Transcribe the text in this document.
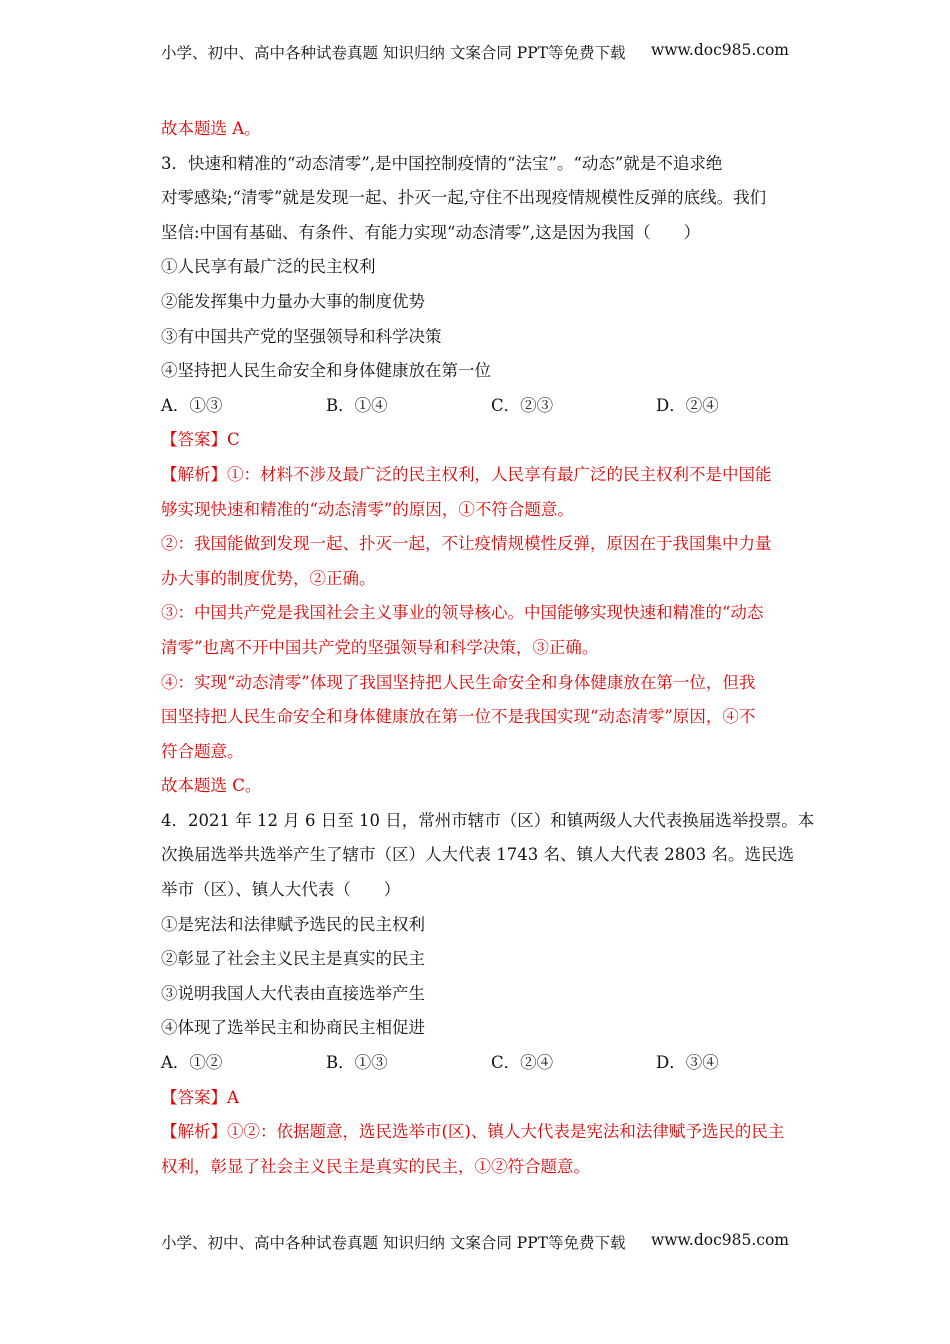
小学、初中、高中各种试卷真题 知识归纳 文案合同 PPT等免费下载 www.doc985.com
故本题选 A。
3．快速和精准的“动态清零”,是中国控制疫情的“法宝”。“动态”就是不追求绝
对零感染;“清零”就是发现一起、扑灭一起,守住不出现疫情规模性反弹的底线。我们
坚信:中国有基础、有条件、有能力实现“动态清零”,这是因为我国（　　）
①人民享有最广泛的民主权利
②能发挥集中力量办大事的制度优势
③有中国共产党的坚强领导和科学决策
④坚持把人民生命安全和身体健康放在第一位
A．①③	B．①④	C．②③	D．②④
【答案】C
【解析】①：材料不涉及最广泛的民主权利，人民享有最广泛的民主权利不是中国能
够实现快速和精准的“动态清零”的原因，①不符合题意。
②：我国能做到发现一起、扑灭一起，不让疫情规模性反弹，原因在于我国集中力量
办大事的制度优势，②正确。
③：中国共产党是我国社会主义事业的领导核心。中国能够实现快速和精准的“动态
清零”也离不开中国共产党的坚强领导和科学决策，③正确。
④：实现“动态清零”体现了我国坚持把人民生命安全和身体健康放在第一位，但我
国坚持把人民生命安全和身体健康放在第一位不是我国实现“动态清零”原因，④不
符合题意。
故本题选 C。
4．2021 年 12 月 6 日至 10 日，常州市辖市（区）和镇两级人大代表换届选举投票。本
次换届选举共选举产生了辖市（区）人大代表 1743 名、镇人大代表 2803 名。选民选
举市（区）、镇人大代表（　　）
①是宪法和法律赋予选民的民主权利
②彰显了社会主义民主是真实的民主
③说明我国人大代表由直接选举产生
④体现了选举民主和协商民主相促进
A．①②	B．①③	C．②④	D．③④
【答案】A
【解析】①②：依据题意，选民选举市(区)、镇人大代表是宪法和法律赋予选民的民主
权利，彰显了社会主义民主是真实的民主，①②符合题意。
小学、初中、高中各种试卷真题 知识归纳 文案合同 PPT等免费下载 www.doc985.com
